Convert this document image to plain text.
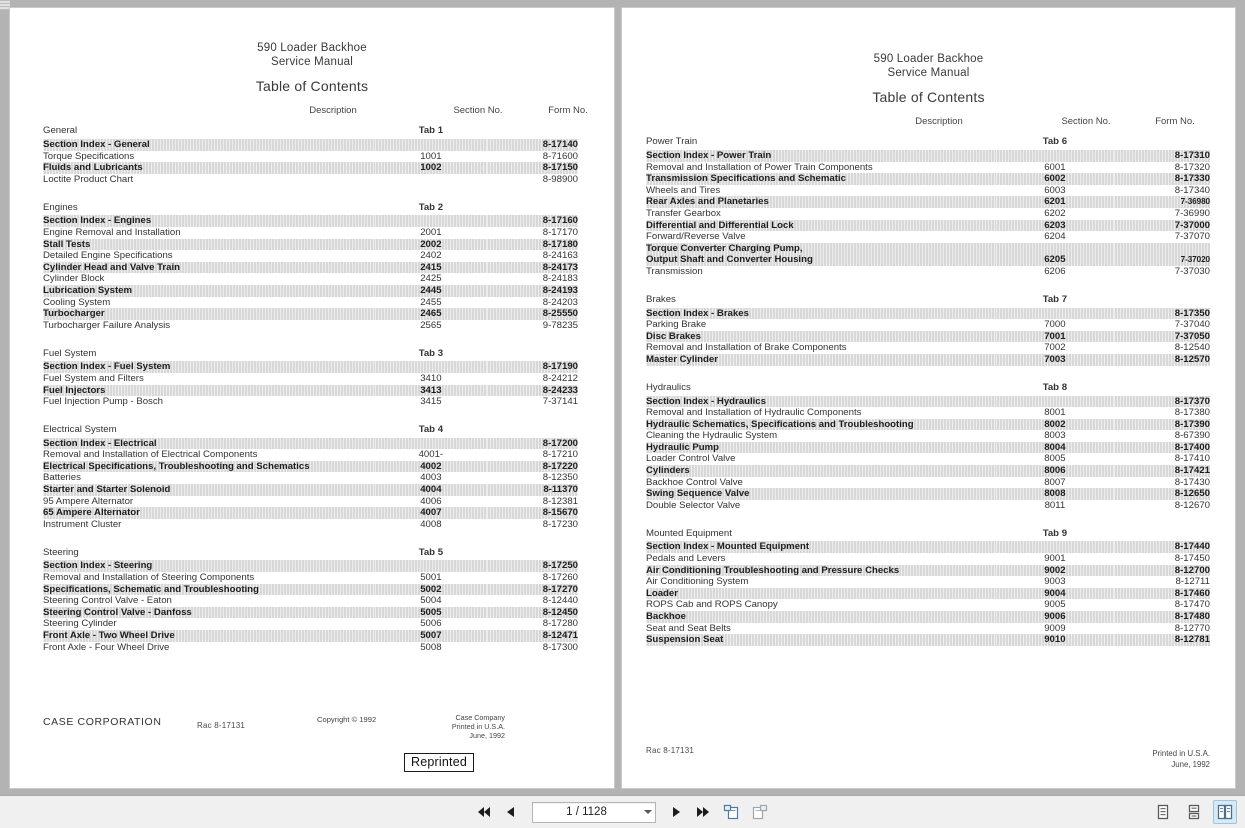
590 Loader Backhoe
Service Manual
Table of Contents
Description	Section No.	Form No.
General	Tab 1	
Section Index - General		8-17140
Torque Specifications	1001	8-71600
Fluids and Lubricants	1002	8-17150
Loctite Product Chart		8-98900

Engines	Tab 2	
Section Index - Engines		8-17160
Engine Removal and Installation	2001	8-17170
Stall Tests	2002	8-17180
Detailed Engine Specifications	2402	8-24163
Cylinder Head and Valve Train	2415	8-24173
Cylinder Block	2425	8-24183
Lubrication System	2445	8-24193
Cooling System	2455	8-24203
Turbocharger	2465	8-25550
Turbocharger Failure Analysis	2565	9-78235

Fuel System	Tab 3	
Section Index - Fuel System		8-17190
Fuel System and Filters	3410	8-24212
Fuel Injectors	3413	8-24233
Fuel Injection Pump - Bosch	3415	7-37141

Electrical System	Tab 4	
Section Index - Electrical		8-17200
Removal and Installation of Electrical Components	4001-	8-17210
Electrical Specifications, Troubleshooting and Schematics	4002	8-17220
Batteries	4003	8-12350
Starter and Starter Solenoid	4004	8-11370
95 Ampere Alternator	4006	8-12381
65 Ampere Alternator	4007	8-15670
Instrument Cluster	4008	8-17230

Steering	Tab 5	
Section Index - Steering		8-17250
Removal and Installation of Steering Components	5001	8-17260
Specifications, Schematic and Troubleshooting	5002	8-17270
Steering Control Valve - Eaton	5004	8-12440
Steering Control Valve - Danfoss	5005	8-12450
Steering Cylinder	5006	8-17280
Front Axle - Two Wheel Drive	5007	8-12471
Front Axle - Four Wheel Drive	5008	8-17300
CASE CORPORATION	Rac 8-17131
Copyright © 1992	Case Company
Printed in U.S.A.
June, 1992
Reprinted
590 Loader Backhoe
Service Manual
Table of Contents
Description	Section No.	Form No.
Power Train	Tab 6	
Section Index - Power Train		8-17310
Removal and Installation of Power Train Components	6001	8-17320
Transmission Specifications and Schematic	6002	8-17330
Wheels and Tires	6003	8-17340
Rear Axles and Planetaries	6201	7-36980
Transfer Gearbox	6202	7-36990
Differential and Differential Lock	6203	7-37000
Forward/Reverse Valve	6204	7-37070
Torque Converter Charging Pump,		
Output Shaft and Converter Housing	6205	7-37020
Transmission	6206	7-37030

Brakes	Tab 7	
Section Index - Brakes		8-17350
Parking Brake	7000	7-37040
Disc Brakes	7001	7-37050
Removal and Installation of Brake Components	7002	8-12540
Master Cylinder	7003	8-12570

Hydraulics	Tab 8	
Section Index - Hydraulics		8-17370
Removal and Installation of Hydraulic Components	8001	8-17380
Hydraulic Schematics, Specifications and Troubleshooting	8002	8-17390
Cleaning the Hydraulic System	8003	8-67390
Hydraulic Pump	8004	8-17400
Loader Control Valve	8005	8-17410
Cylinders	8006	8-17421
Backhoe Control Valve	8007	8-17430
Swing Sequence Valve	8008	8-12650
Double Selector Valve	8011	8-12670

Mounted Equipment	Tab 9	
Section Index - Mounted Equipment		8-17440
Pedals and Levers	9001	8-17450
Air Conditioning Troubleshooting and Pressure Checks	9002	8-12700
Air Conditioning System	9003	8-12711
Loader	9004	8-17460
ROPS Cab and ROPS Canopy	9005	8-17470
Backhoe	9006	8-17480
Seat and Seat Belts	9009	8-12770
Suspension Seat	9010	8-12781
Rac 8-17131	Printed in U.S.A.
June, 1992
1 / 1128
